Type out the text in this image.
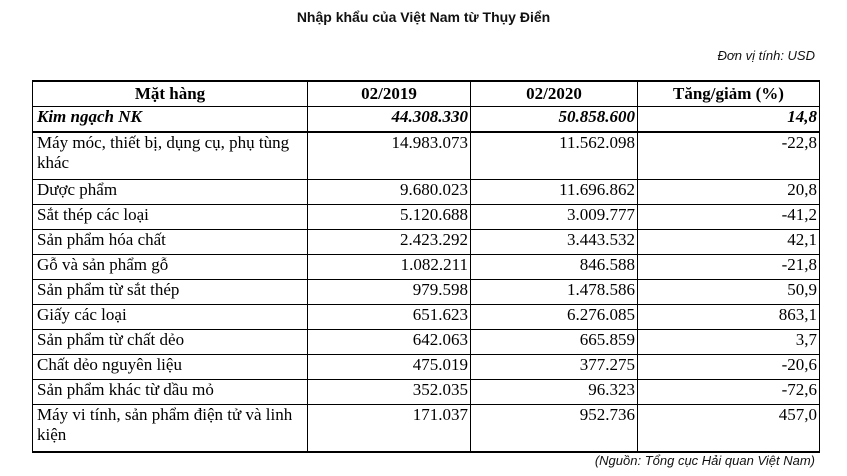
Nhập khẩu của Việt Nam từ Thụy Điển
Đơn vị tính: USD
Mặt hàng	02/2019	02/2020	Tăng/giảm (%)
Kim ngạch NK	44.308.330	50.858.600	14,8
Máy móc, thiết bị, dụng cụ, phụ tùng khác	14.983.073	11.562.098	-22,8
Dược phẩm	9.680.023	11.696.862	20,8
Sắt thép các loại	5.120.688	3.009.777	-41,2
Sản phẩm hóa chất	2.423.292	3.443.532	42,1
Gỗ và sản phẩm gỗ	1.082.211	846.588	-21,8
Sản phẩm từ sắt thép	979.598	1.478.586	50,9
Giấy các loại	651.623	6.276.085	863,1
Sản phẩm từ chất dẻo	642.063	665.859	3,7
Chất dẻo nguyên liệu	475.019	377.275	-20,6
Sản phẩm khác từ dầu mỏ	352.035	96.323	-72,6
Máy vi tính, sản phẩm điện tử và linh kiện	171.037	952.736	457,0
(Nguồn: Tổng cục Hải quan Việt Nam)
